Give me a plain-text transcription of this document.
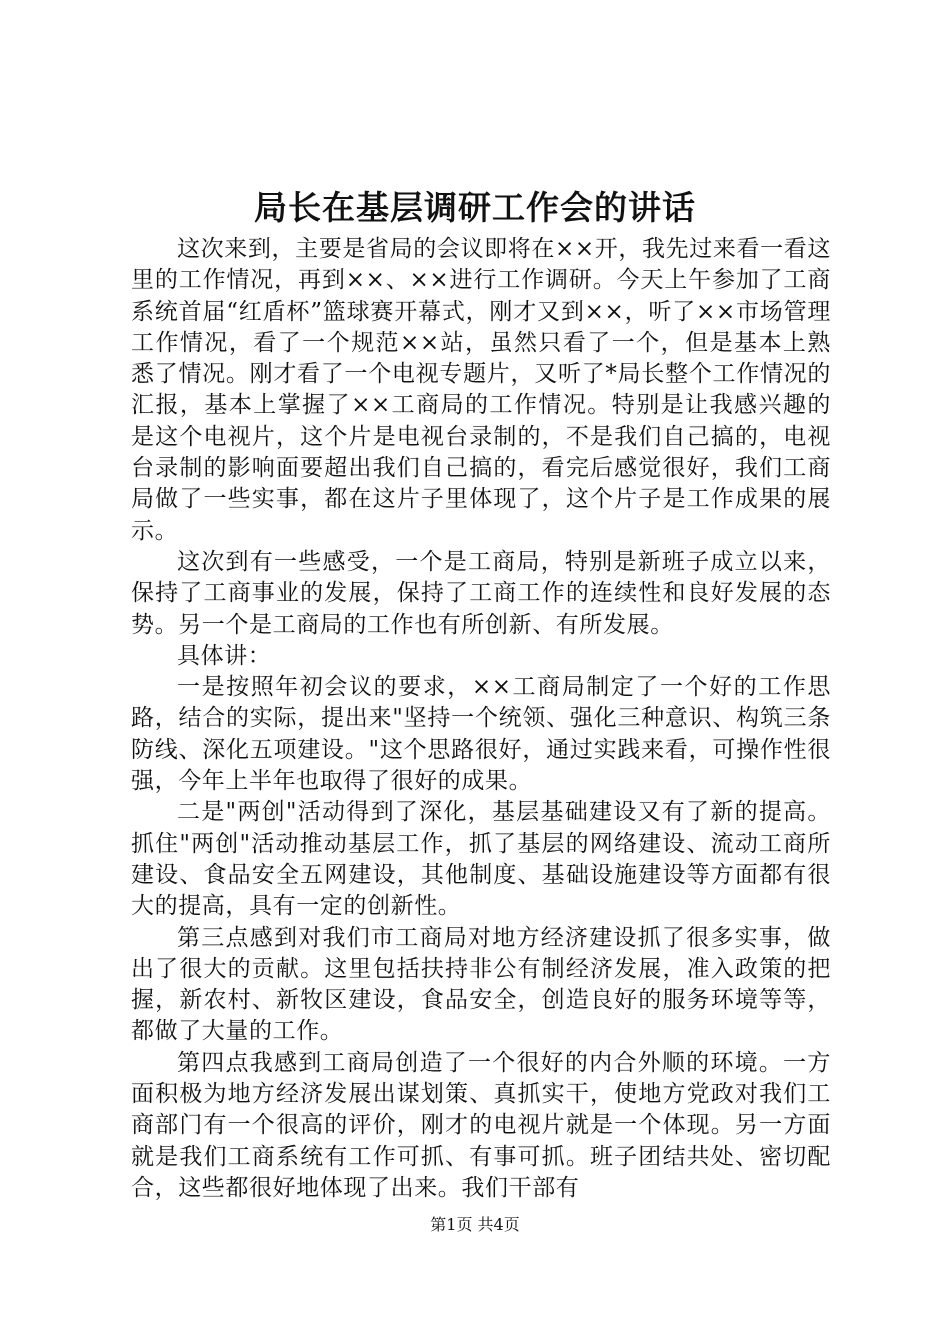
局长在基层调研工作会的讲话

这次来到，主要是省局的会议即将在××开，我先过来看一看这里的工作情况，再到××、××进行工作调研。今天上午参加了工商系统首届“红盾杯”篮球赛开幕式，刚才又到××，听了××市场管理工作情况，看了一个规范××站，虽然只看了一个，但是基本上熟悉了情况。刚才看了一个电视专题片，又听了*局长整个工作情况的汇报，基本上掌握了××工商局的工作情况。特别是让我感兴趣的是这个电视片，这个片是电视台录制的，不是我们自己搞的，电视台录制的影响面要超出我们自己搞的，看完后感觉很好，我们工商局做了一些实事，都在这片子里体现了，这个片子是工作成果的展示。

这次到有一些感受，一个是工商局，特别是新班子成立以来，保持了工商事业的发展，保持了工商工作的连续性和良好发展的态势。另一个是工商局的工作也有所创新、有所发展。

具体讲：

一是按照年初会议的要求，××工商局制定了一个好的工作思路，结合的实际，提出来"坚持一个统领、强化三种意识、构筑三条防线、深化五项建设。"这个思路很好，通过实践来看，可操作性很强，今年上半年也取得了很好的成果。

二是"两创"活动得到了深化，基层基础建设又有了新的提高。抓住"两创"活动推动基层工作，抓了基层的网络建设、流动工商所建设、食品安全五网建设，其他制度、基础设施建设等方面都有很大的提高，具有一定的创新性。

第三点感到对我们市工商局对地方经济建设抓了很多实事，做出了很大的贡献。这里包括扶持非公有制经济发展，准入政策的把握，新农村、新牧区建设，食品安全，创造良好的服务环境等等，都做了大量的工作。

第四点我感到工商局创造了一个很好的内合外顺的环境。一方面积极为地方经济发展出谋划策、真抓实干，使地方党政对我们工商部门有一个很高的评价，刚才的电视片就是一个体现。另一方面就是我们工商系统有工作可抓、有事可抓。班子团结共处、密切配合，这些都很好地体现了出来。我们干部有

第1页 共4页
